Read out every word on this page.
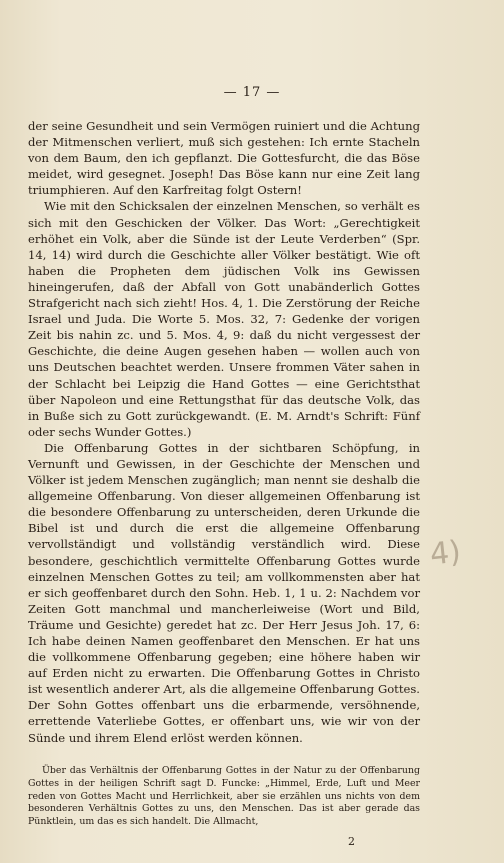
— 17 —

der seine Gesundheit und sein Vermögen ruiniert und die Achtung der Mitmenschen verliert, muß sich gestehen: Ich ernte Stacheln von dem Baum, den ich gepflanzt. Die Gottesfurcht, die das Böse meidet, wird gesegnet. Joseph! Das Böse kann nur eine Zeit lang triumphieren. Auf den Karfreitag folgt Ostern!

Wie mit den Schicksalen der einzelnen Menschen, so verhält es sich mit den Geschicken der Völker. Das Wort: „Gerechtigkeit erhöhet ein Volk, aber die Sünde ist der Leute Verderben“ (Spr. 14, 14) wird durch die Geschichte aller Völker bestätigt. Wie oft haben die Propheten dem jüdischen Volk ins Gewissen hineingerufen, daß der Abfall von Gott unabänderlich Gottes Strafgericht nach sich zieht! Hos. 4, 1. Die Zerstörung der Reiche Israel und Juda. Die Worte 5. Mos. 32, 7: Gedenke der vorigen Zeit bis nahin zc. und 5. Mos. 4, 9: daß du nicht vergessest der Geschichte, die deine Augen gesehen haben — wollen auch von uns Deutschen beachtet werden. Unsere frommen Väter sahen in der Schlacht bei Leipzig die Hand Gottes — eine Gerichtsthat über Napoleon und eine Rettungsthat für das deutsche Volk, das in Buße sich zu Gott zurückgewandt. (E. M. Arndt's Schrift: Fünf oder sechs Wunder Gottes.)

Die Offenbarung Gottes in der sichtbaren Schöpfung, in Vernunft und Gewissen, in der Geschichte der Menschen und Völker ist jedem Menschen zugänglich; man nennt sie deshalb die allgemeine Offenbarung. Von dieser allgemeinen Offenbarung ist die besondere Offenbarung zu unterscheiden, deren Urkunde die Bibel ist und durch die erst die allgemeine Offenbarung vervollständigt und vollständig verständlich wird. Diese besondere, geschichtlich vermittelte Offenbarung Gottes wurde einzelnen Menschen Gottes zu teil; am vollkommensten aber hat er sich geoffenbaret durch den Sohn. Heb. 1, 1 u. 2: Nachdem vor Zeiten Gott manchmal und mancherleiweise (Wort und Bild, Träume und Gesichte) geredet hat zc. Der Herr Jesus Joh. 17, 6: Ich habe deinen Namen geoffenbaret den Menschen. Er hat uns die vollkommene Offenbarung gegeben; eine höhere haben wir auf Erden nicht zu erwarten. Die Offenbarung Gottes in Christo ist wesentlich anderer Art, als die allgemeine Offenbarung Gottes. Der Sohn Gottes offenbart uns die erbarmende, versöhnende, errettende Vaterliebe Gottes, er offenbart uns, wie wir von der Sünde und ihrem Elend erlöst werden können.

4)
Über das Verhältnis der Offenbarung Gottes in der Natur zu der Offenbarung Gottes in der heiligen Schrift sagt D. Funcke: „Himmel, Erde, Luft und Meer reden von Gottes Macht und Herrlichkeit, aber sie erzählen uns nichts von dem besonderen Verhältnis Gottes zu uns, den Menschen. Das ist aber gerade das Pünktlein, um das es sich handelt. Die Allmacht,
2
